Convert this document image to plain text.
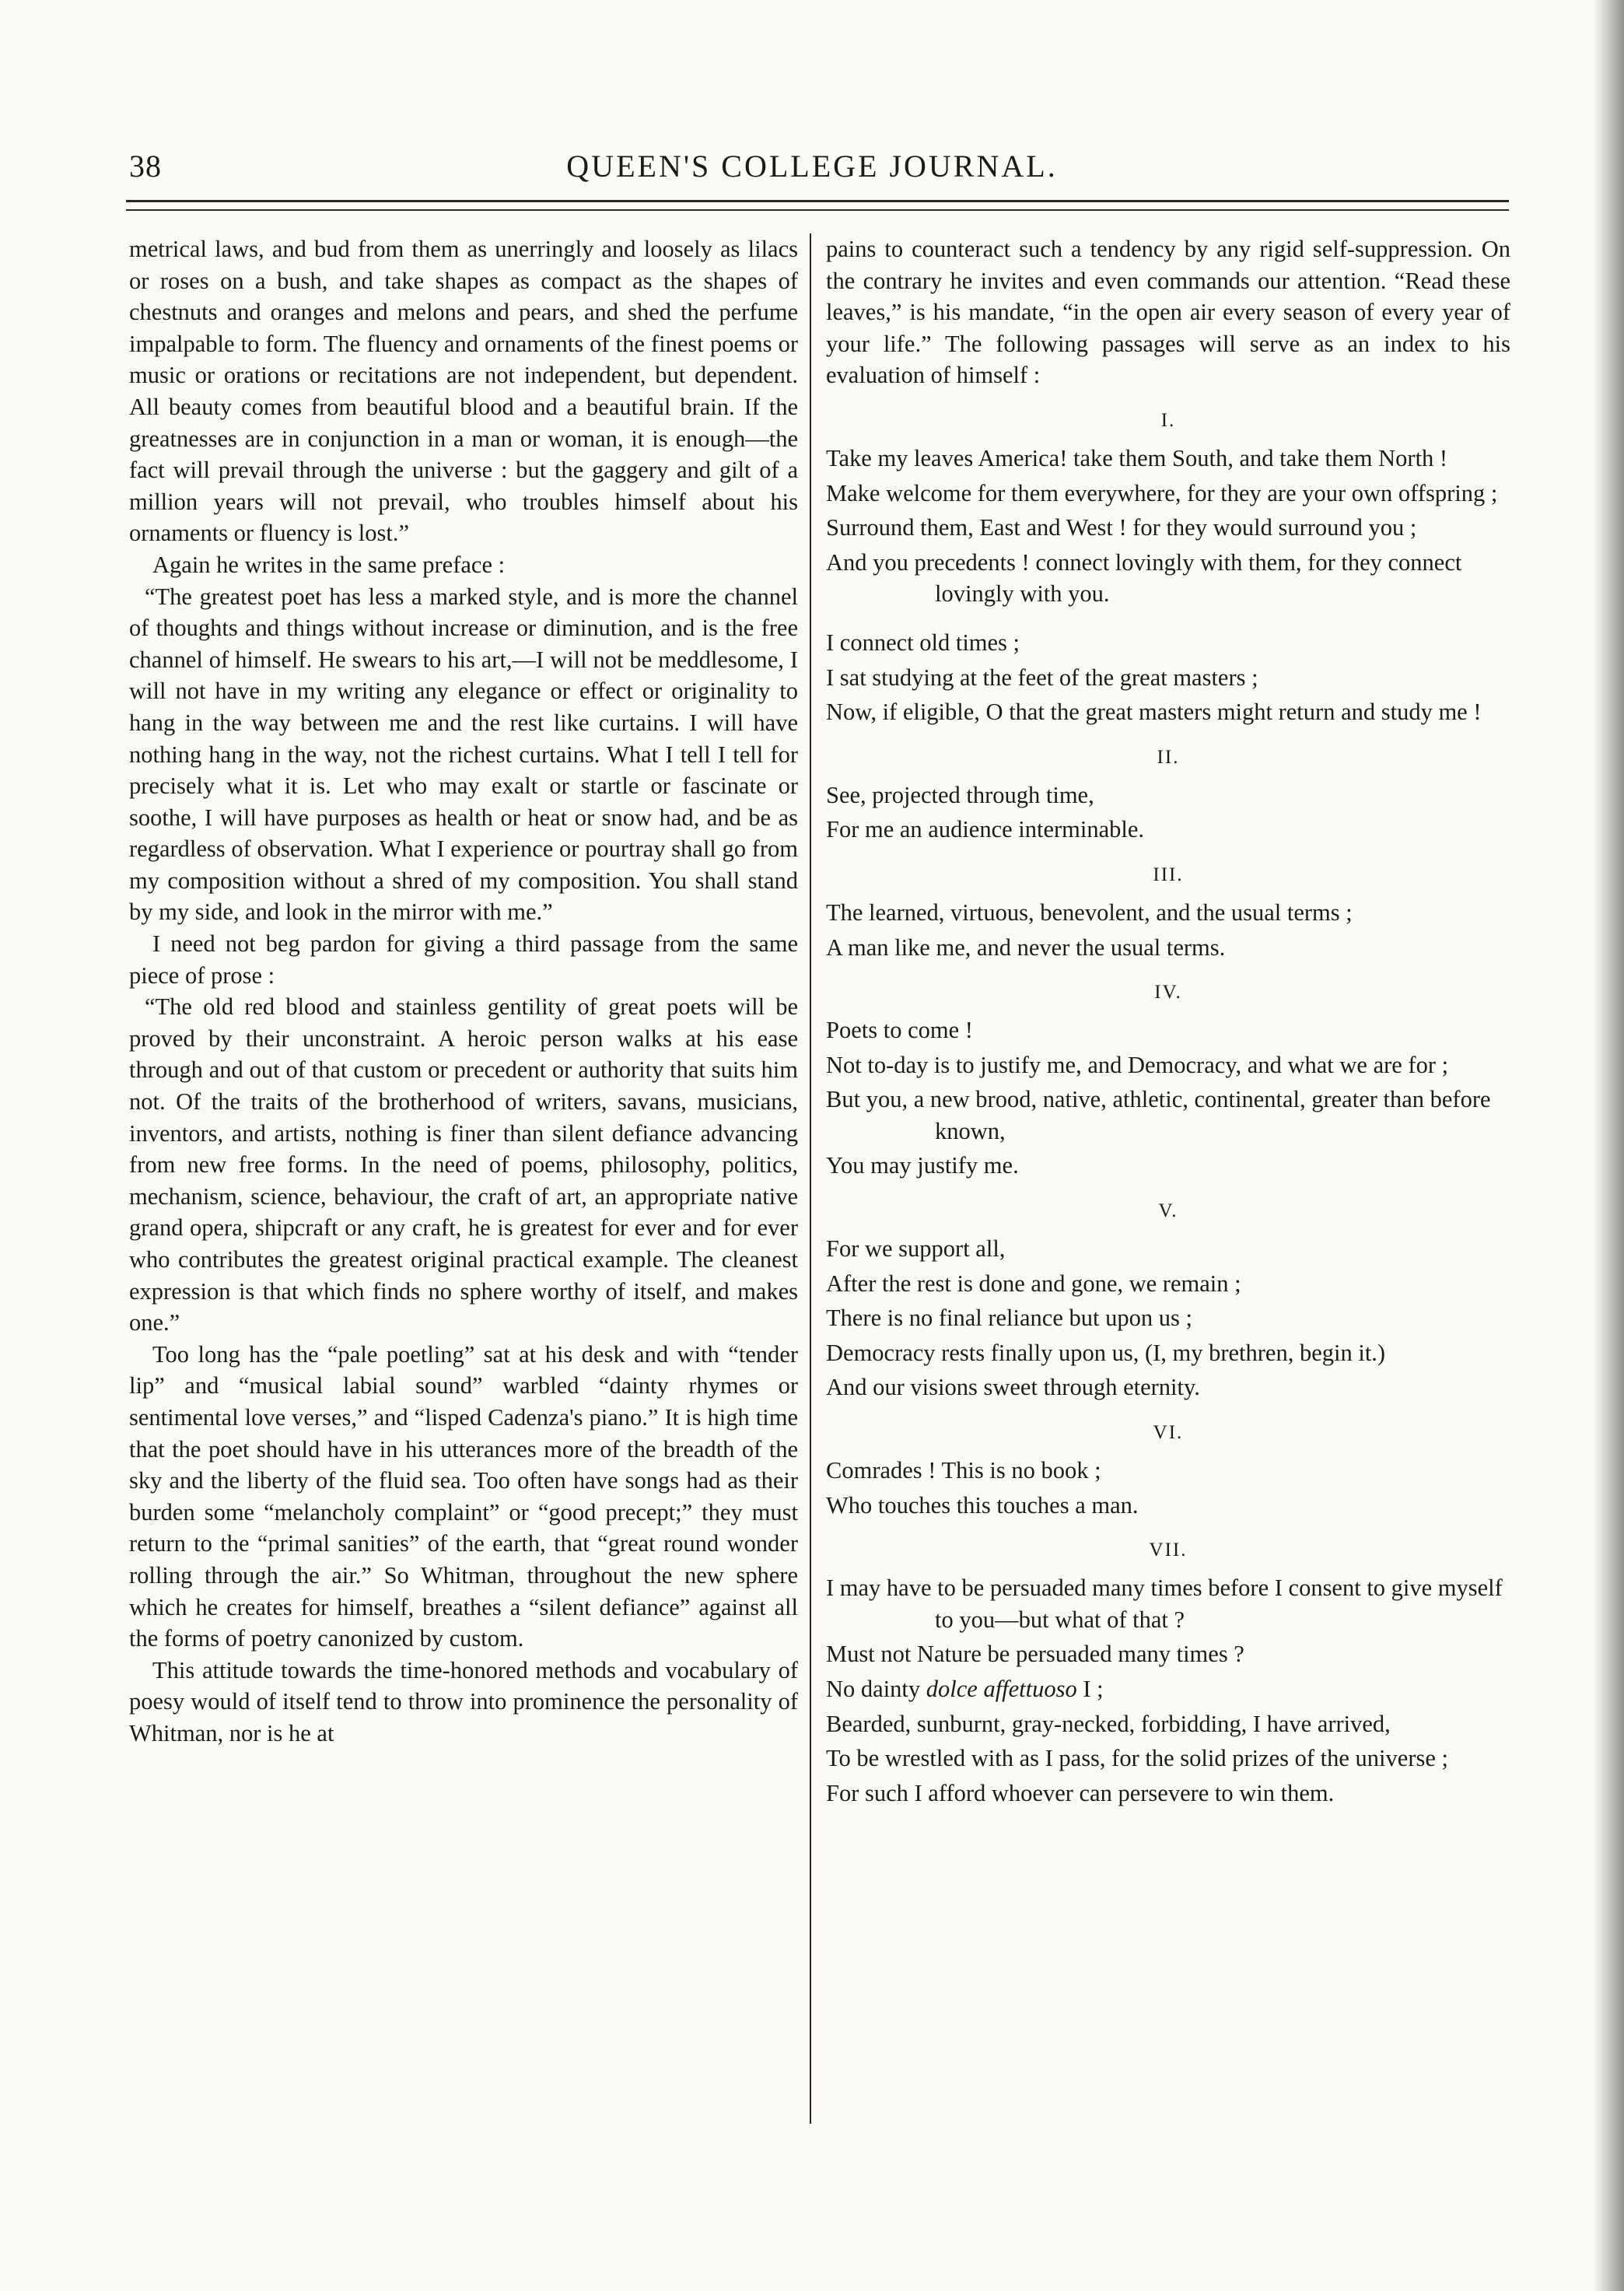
38	QUEEN'S COLLEGE JOURNAL.

metrical laws, and bud from them as unerringly and loosely as lilacs or roses on a bush, and take shapes as compact as the shapes of chestnuts and oranges and melons and pears, and shed the perfume impalpable to form. The fluency and ornaments of the finest poems or music or orations or recitations are not independent, but dependent. All beauty comes from beautiful blood and a beautiful brain. If the greatnesses are in conjunction in a man or woman, it is enough—the fact will prevail through the universe : but the gaggery and gilt of a million years will not prevail, who troubles himself about his ornaments or fluency is lost.”

Again he writes in the same preface :

“The greatest poet has less a marked style, and is more the channel of thoughts and things without increase or diminution, and is the free channel of himself. He swears to his art,—I will not be meddlesome, I will not have in my writing any elegance or effect or originality to hang in the way between me and the rest like curtains. I will have nothing hang in the way, not the richest curtains. What I tell I tell for precisely what it is. Let who may exalt or startle or fascinate or soothe, I will have purposes as health or heat or snow had, and be as regardless of observation. What I experience or pourtray shall go from my composition without a shred of my composition. You shall stand by my side, and look in the mirror with me.”

I need not beg pardon for giving a third passage from the same piece of prose :

“The old red blood and stainless gentility of great poets will be proved by their unconstraint. A heroic person walks at his ease through and out of that custom or precedent or authority that suits him not. Of the traits of the brotherhood of writers, savans, musicians, inventors, and artists, nothing is finer than silent defiance advancing from new free forms. In the need of poems, philosophy, politics, mechanism, science, behaviour, the craft of art, an appropriate native grand opera, shipcraft or any craft, he is greatest for ever and for ever who contributes the greatest original practical example. The cleanest expression is that which finds no sphere worthy of itself, and makes one.”

Too long has the “pale poetling” sat at his desk and with “tender lip” and “musical labial sound” warbled “dainty rhymes or sentimental love verses,” and “lisped Cadenza's piano.” It is high time that the poet should have in his utterances more of the breadth of the sky and the liberty of the fluid sea. Too often have songs had as their burden some “melancholy complaint” or “good precept;” they must return to the “primal sanities” of the earth, that “great round wonder rolling through the air.” So Whitman, throughout the new sphere which he creates for himself, breathes a “silent defiance” against all the forms of poetry canonized by custom.

This attitude towards the time-honored methods and vocabulary of poesy would of itself tend to throw into prominence the personality of Whitman, nor is he at

pains to counteract such a tendency by any rigid self-suppression. On the contrary he invites and even commands our attention. “Read these leaves,” is his mandate, “in the open air every season of every year of your life.” The following passages will serve as an index to his evaluation of himself :

I.
Take my leaves America! take them South, and take them North !
Make welcome for them everywhere, for they are your own offspring ;
Surround them, East and West ! for they would surround you ;
And you precedents ! connect lovingly with them, for they connect lovingly with you.
I connect old times ;
I sat studying at the feet of the great masters ;
Now, if eligible, O that the great masters might return and study me !
II.
See, projected through time,
For me an audience interminable.
III.
The learned, virtuous, benevolent, and the usual terms ;
A man like me, and never the usual terms.
IV.
Poets to come !
Not to-day is to justify me, and Democracy, and what we are for ;
But you, a new brood, native, athletic, continental, greater than before known,
You may justify me.
V.
For we support all,
After the rest is done and gone, we remain ;
There is no final reliance but upon us ;
Democracy rests finally upon us, (I, my brethren, begin it.)
And our visions sweet through eternity.
VI.
Comrades ! This is no book ;
Who touches this touches a man.
VII.
I may have to be persuaded many times before I consent to give myself to you—but what of that ?
Must not Nature be persuaded many times ?
No dainty dolce affettuoso I ;
Bearded, sunburnt, gray-necked, forbidding, I have arrived,
To be wrestled with as I pass, for the solid prizes of the universe ;
For such I afford whoever can persevere to win them.
